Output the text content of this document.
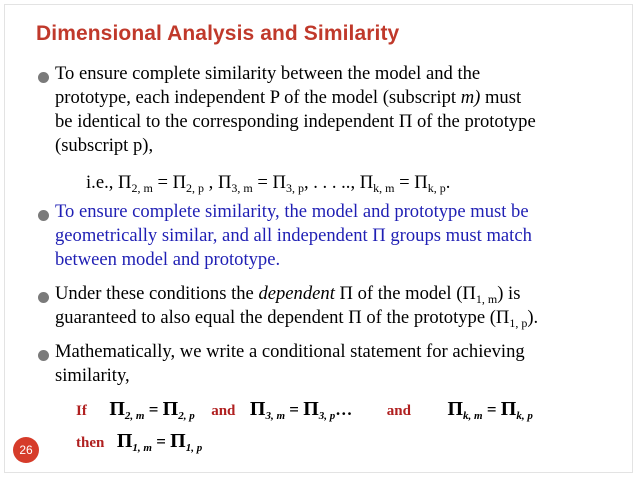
Dimensional Analysis and Similarity
To ensure complete similarity between the model and the
prototype, each independent P of the model (subscript m) must
be identical to the corresponding independent Π of the prototype
(subscript p),
i.e., $\Pi_{2, m} = \Pi_{2, p}$ , $\Pi_{3, m} = \Pi_{3, p}$, . . . .., $\Pi_{k, m} = \Pi_{k, p}$.
To ensure complete similarity, the model and prototype must be
geometrically similar, and all independent Π groups must match
between model and prototype.
Under these conditions the dependent Π of the model $(\Pi_{1, m})$ is
guaranteed to also equal the dependent Π of the prototype $(\Pi_{1, p})$.
Mathematically, we write a conditional statement for achieving
similarity,
If $\Pi_{2, m} = \Pi_{2, p}$ and $\Pi_{3, m}$ = $\Pi_{3, p}\dots$ and $\Pi_{k, m} = \Pi_{k, p}$
then $\Pi_{1, m} = \Pi_{1, p}$
26
